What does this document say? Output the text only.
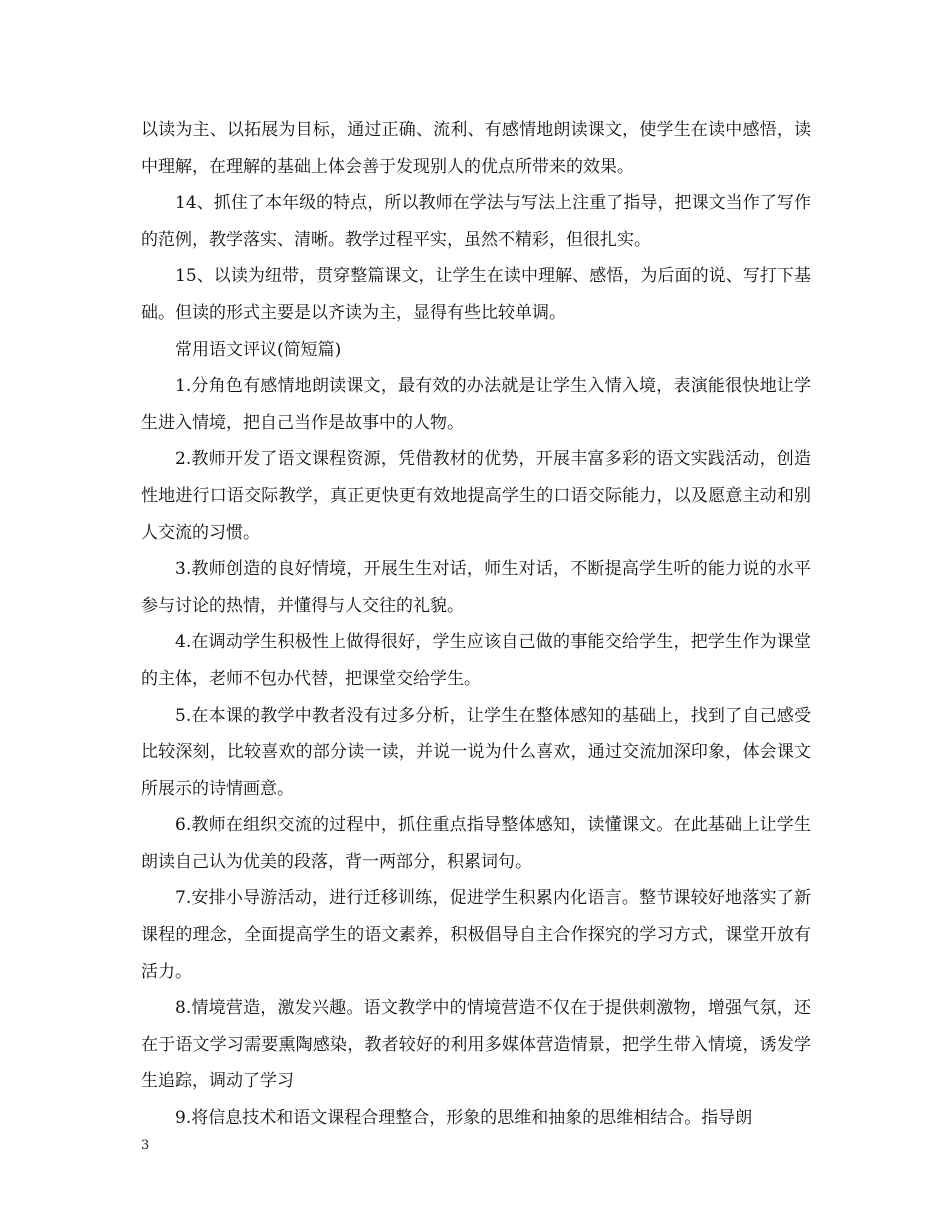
以读为主、以拓展为目标，通过正确、流利、有感情地朗读课文，使学生在读中感悟，读中理解，在理解的基础上体会善于发现别人的优点所带来的效果。

14、抓住了本年级的特点，所以教师在学法与写法上注重了指导，把课文当作了写作的范例，教学落实、清晰。教学过程平实，虽然不精彩，但很扎实。

15、以读为纽带，贯穿整篇课文，让学生在读中理解、感悟，为后面的说、写打下基础。但读的形式主要是以齐读为主，显得有些比较单调。

常用语文评议(简短篇)

1.分角色有感情地朗读课文，最有效的办法就是让学生入情入境，表演能很快地让学生进入情境，把自己当作是故事中的人物。

2.教师开发了语文课程资源，凭借教材的优势，开展丰富多彩的语文实践活动，创造性地进行口语交际教学，真正更快更有效地提高学生的口语交际能力，以及愿意主动和别人交流的习惯。

3.教师创造的良好情境，开展生生对话，师生对话，不断提高学生听的能力说的水平参与讨论的热情，并懂得与人交往的礼貌。

4.在调动学生积极性上做得很好，学生应该自己做的事能交给学生，把学生作为课堂的主体，老师不包办代替，把课堂交给学生。

5.在本课的教学中教者没有过多分析，让学生在整体感知的基础上，找到了自己感受比较深刻，比较喜欢的部分读一读，并说一说为什么喜欢，通过交流加深印象，体会课文所展示的诗情画意。

6.教师在组织交流的过程中，抓住重点指导整体感知，读懂课文。在此基础上让学生朗读自己认为优美的段落，背一两部分，积累词句。

7.安排小导游活动，进行迁移训练，促进学生积累内化语言。整节课较好地落实了新课程的理念，全面提高学生的语文素养，积极倡导自主合作探究的学习方式，课堂开放有活力。

8.情境营造，激发兴趣。语文教学中的情境营造不仅在于提供刺激物，增强气氛，还在于语文学习需要熏陶感染，教者较好的利用多媒体营造情景，把学生带入情境，诱发学生追踪，调动了学习

9.将信息技术和语文课程合理整合，形象的思维和抽象的思维相结合。指导朗

3
